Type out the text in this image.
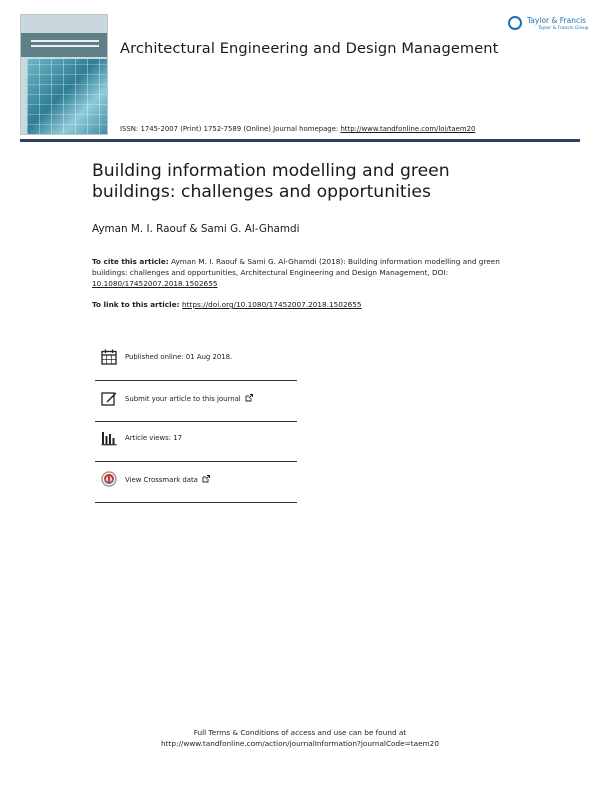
Architectural Engineering and Design Management
Taylor & Francis
Taylor & Francis Group
ISSN: 1745-2007 (Print) 1752-7589 (Online) Journal homepage: http://www.tandfonline.com/loi/taem20
Building information modelling and green buildings: challenges and opportunities
Ayman M. I. Raouf & Sami G. Al-Ghamdi
To cite this article: Ayman M. I. Raouf & Sami G. Al-Ghamdi (2018): Building information modelling and green buildings: challenges and opportunities, Architectural Engineering and Design Management, DOI: 10.1080/17452007.2018.1502655
To link to this article: https://doi.org/10.1080/17452007.2018.1502655
Published online: 01 Aug 2018.
Submit your article to this journal
Article views: 17
View Crossmark data
Full Terms & Conditions of access and use can be found at
http://www.tandfonline.com/action/journalInformation?journalCode=taem20
